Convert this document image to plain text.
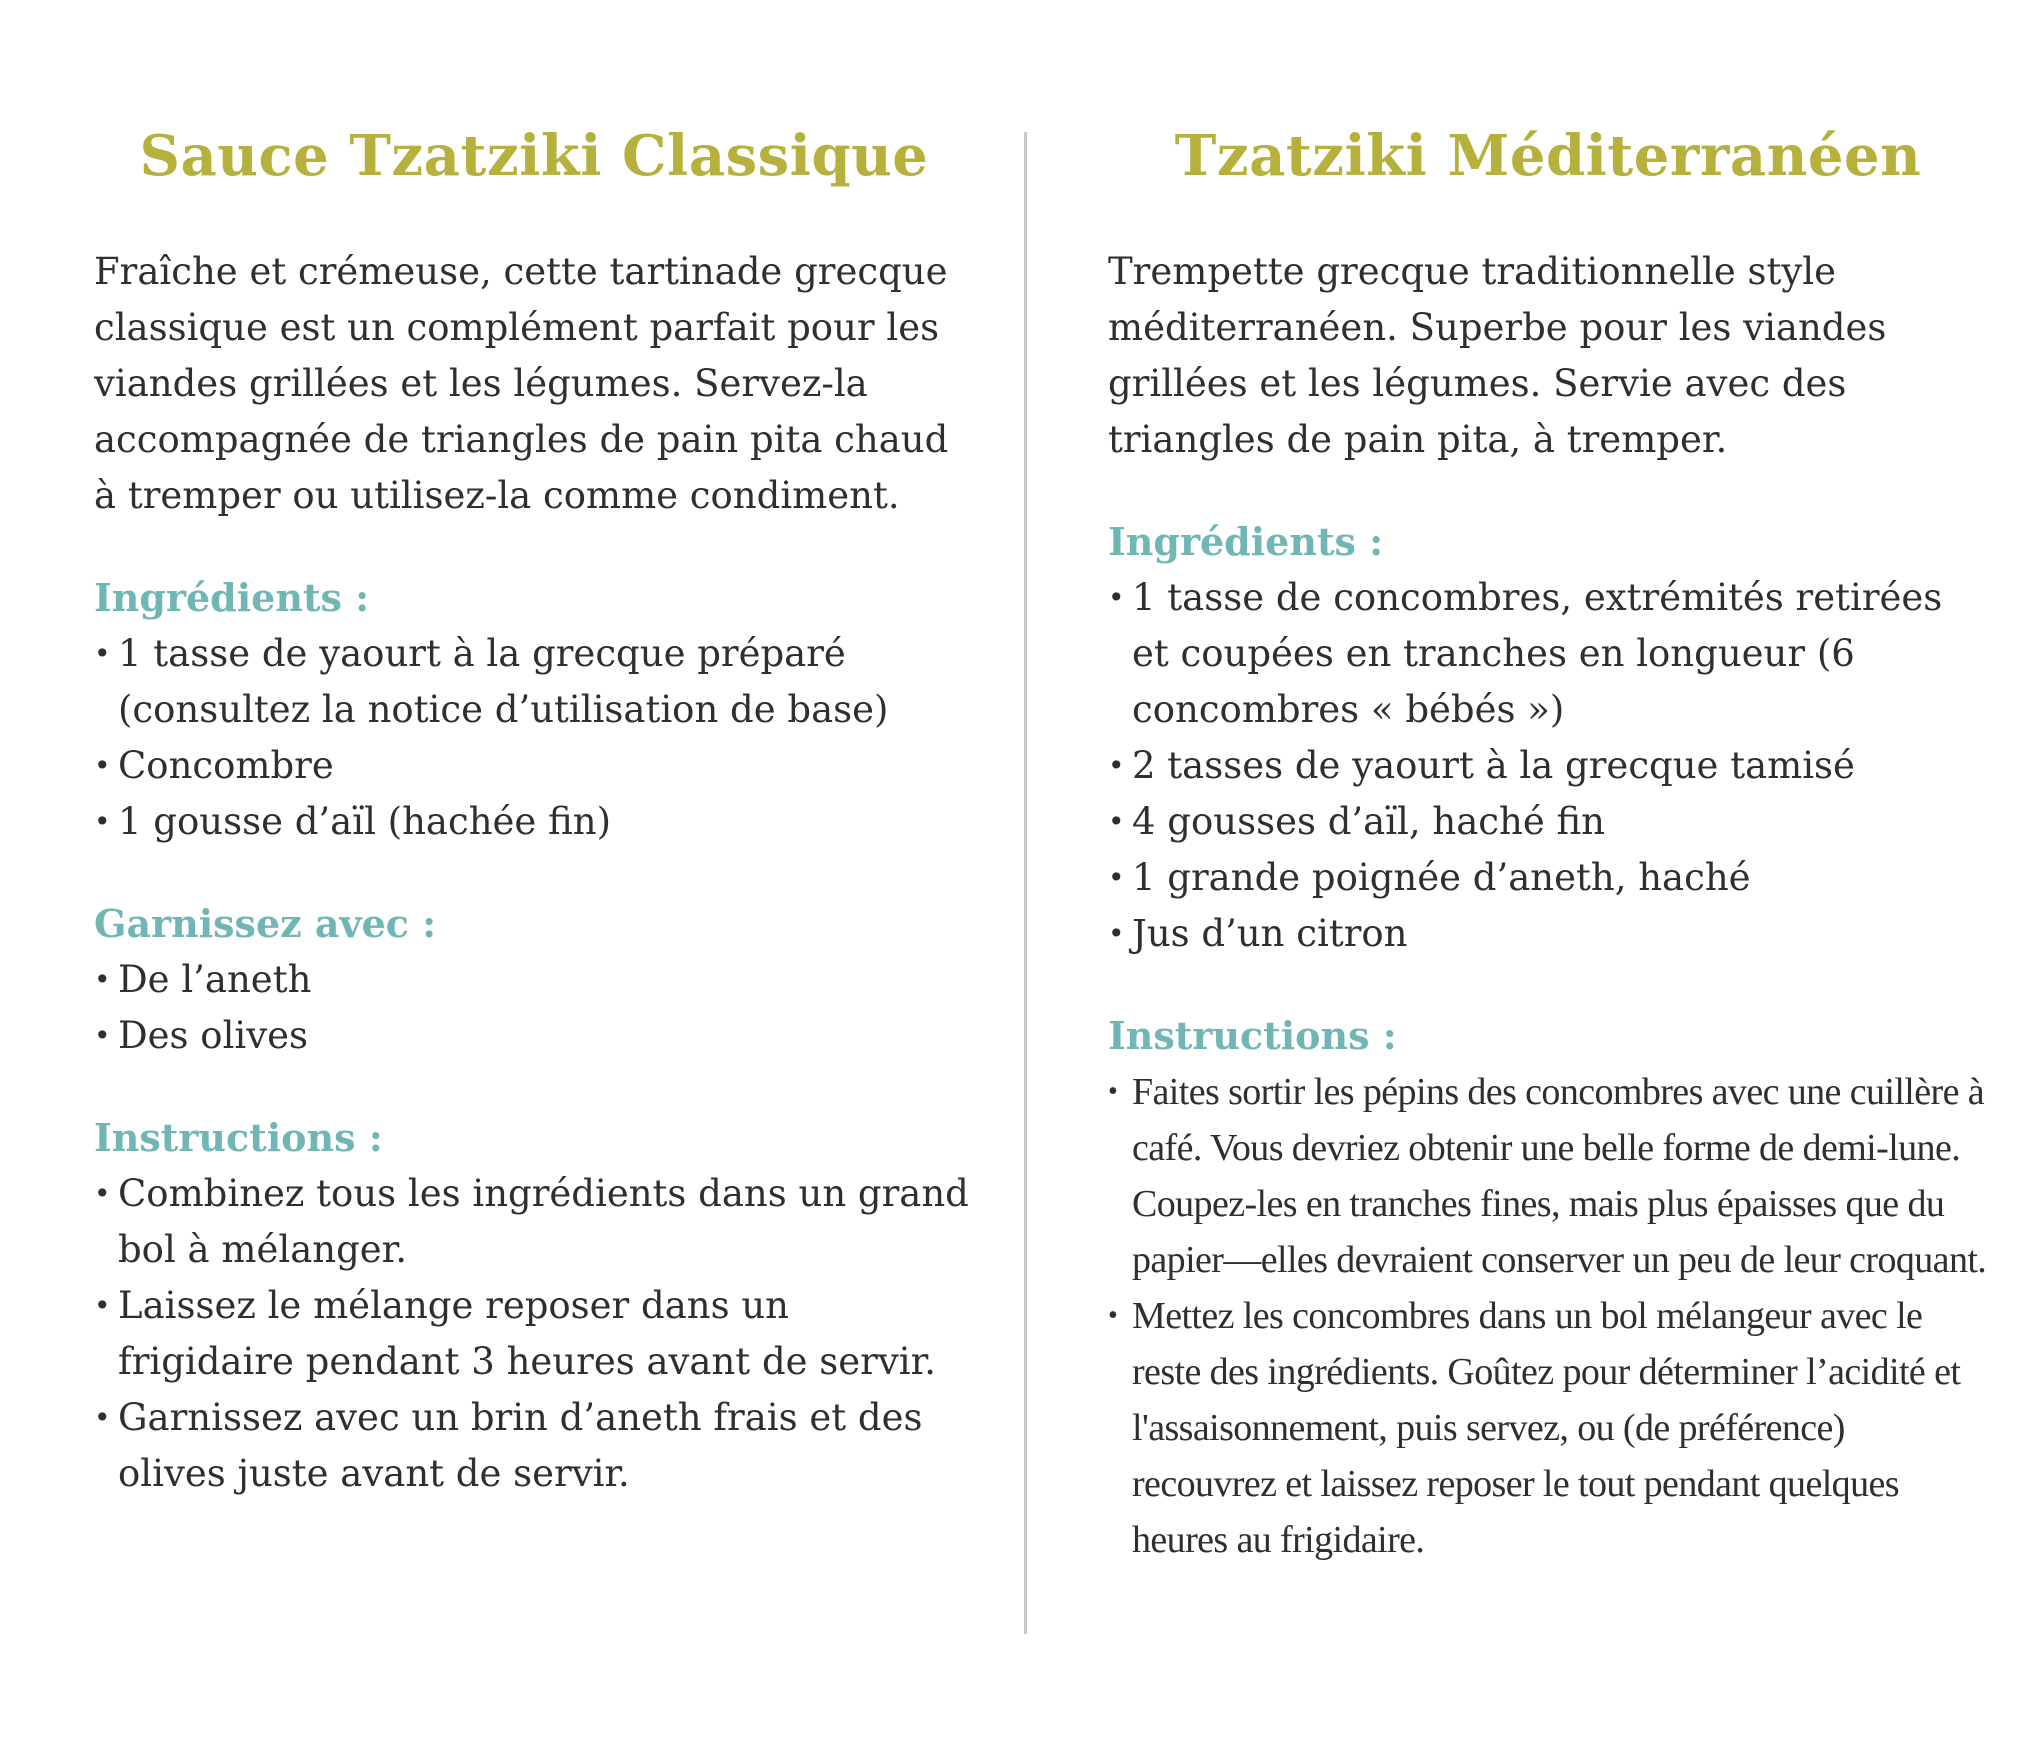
Sauce Tzatziki Classique

Fraîche et crémeuse, cette tartinade grecque classique est un complément parfait pour les viandes grillées et les légumes. Servez-la accompagnée de triangles de pain pita chaud à tremper ou utilisez-la comme condiment.

Ingrédients :
• 1 tasse de yaourt à la grecque préparé (consultez la notice d’utilisation de base)
• Concombre
• 1 gousse d’aïl (hachée fin)
Garnissez avec :
• De l’aneth
• Des olives
Instructions :
• Combinez tous les ingrédients dans un grand bol à mélanger.
• Laissez le mélange reposer dans un frigidaire pendant 3 heures avant de servir.
• Garnissez avec un brin d’aneth frais et des olives juste avant de servir.
Tzatziki Méditerranéen

Trempette grecque traditionnelle style méditerranéen. Superbe pour les viandes grillées et les légumes. Servie avec des triangles de pain pita, à tremper.

Ingrédients :
• 1 tasse de concombres, extrémités retirées et coupées en tranches en longueur (6 concombres « bébés »)
• 2 tasses de yaourt à la grecque tamisé
• 4 gousses d’aïl, haché fin
• 1 grande poignée d’aneth, haché
• Jus d’un citron
Instructions :
• Faites sortir les pépins des concombres avec une cuillère à café. Vous devriez obtenir une belle forme de demi-lune. Coupez-les en tranches fines, mais plus épaisses que du papier—elles devraient conserver un peu de leur croquant.
• Mettez les concombres dans un bol mélangeur avec le reste des ingrédients. Goûtez pour déterminer l’acidité et l'assaisonnement, puis servez, ou (de préférence) recouvrez et laissez reposer le tout pendant quelques heures au frigidaire.
